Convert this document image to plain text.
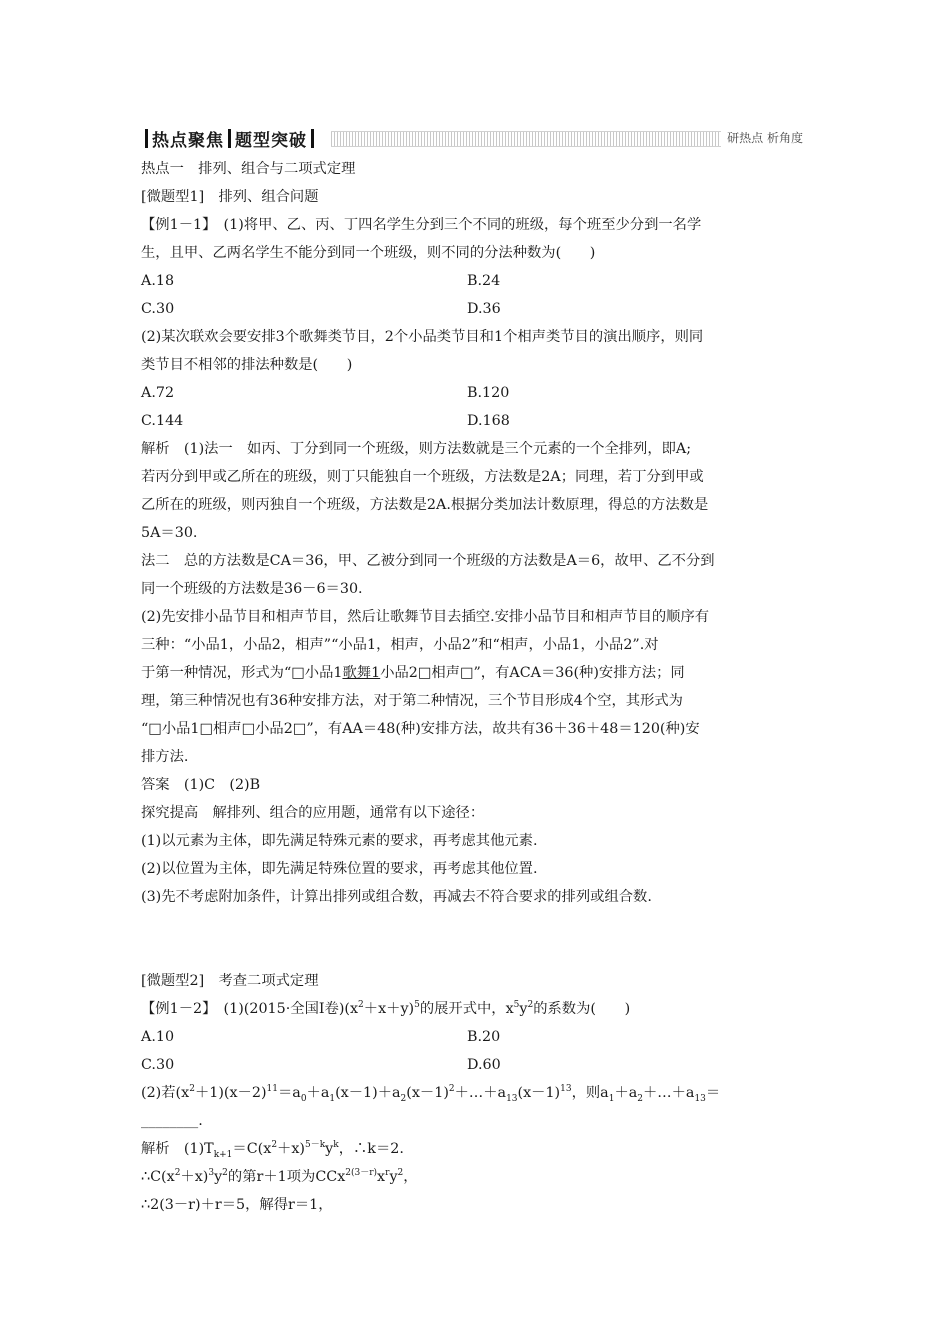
热点聚焦 题型突破	研热点 析角度
热点一　排列、组合与二项式定理
[微题型1]　排列、组合问题
【例1－1】　(1)将甲、乙、丙、丁四名学生分到三个不同的班级，每个班至少分到一名学
生，且甲、乙两名学生不能分到同一个班级，则不同的分法种数为(　　)
A.18	B.24
C.30	D.36
(2)某次联欢会要安排3个歌舞类节目，2个小品类节目和1个相声类节目的演出顺序，则同
类节目不相邻的排法种数是(　　)
A.72	B.120
C.144	D.168
解析　(1)法一　如丙、丁分到同一个班级，则方法数就是三个元素的一个全排列，即A;
若丙分到甲或乙所在的班级，则丁只能独自一个班级，方法数是2A；同理，若丁分到甲或
乙所在的班级，则丙独自一个班级，方法数是2A.根据分类加法计数原理，得总的方法数是
5A＝30.
法二　总的方法数是CA＝36，甲、乙被分到同一个班级的方法数是A＝6，故甲、乙不分到
同一个班级的方法数是36－6＝30.
(2)先安排小品节目和相声节目，然后让歌舞节目去插空.安排小品节目和相声节目的顺序有
三种：“小品1，小品2，相声”“小品1，相声，小品2”和“相声，小品1，小品2”.对
于第一种情况，形式为“□小品1歌舞1小品2□相声□”，有ACA＝36(种)安排方法；同
理，第三种情况也有36种安排方法，对于第二种情况，三个节目形成4个空，其形式为
“□小品1□相声□小品2□”，有AA＝48(种)安排方法，故共有36＋36＋48＝120(种)安
排方法.
答案　(1)C　(2)B
探究提高　解排列、组合的应用题，通常有以下途径：
(1)以元素为主体，即先满足特殊元素的要求，再考虑其他元素.
(2)以位置为主体，即先满足特殊位置的要求，再考虑其他位置.
(3)先不考虑附加条件，计算出排列或组合数，再减去不符合要求的排列或组合数.
[微题型2]　考查二项式定理
【例1－2】　(1)(2015·全国Ⅰ卷)$(x^2+x+y)^5$的展开式中，$x^5y^2$的系数为(　　)
A.10	B.20
C.30	D.60
(2)若$(x^2+1)(x-2)^{11}=a_0+a_1(x-1)+a_2(x-1)^2+\dots+a_{13}(x-1)^{13}$，则$a_1+a_2+\dots+a_{13}=$
________.
解析　$(1)T_{k+1}=C(x^2+x)^{5-k}y^k$，∴k＝2.
$\therefore C(x^2+x)^3y^2$的第r＋1项为$CCx^{2(3-r)}x^ry^2$，
∴2(3－r)＋r＝5，解得r＝1，
